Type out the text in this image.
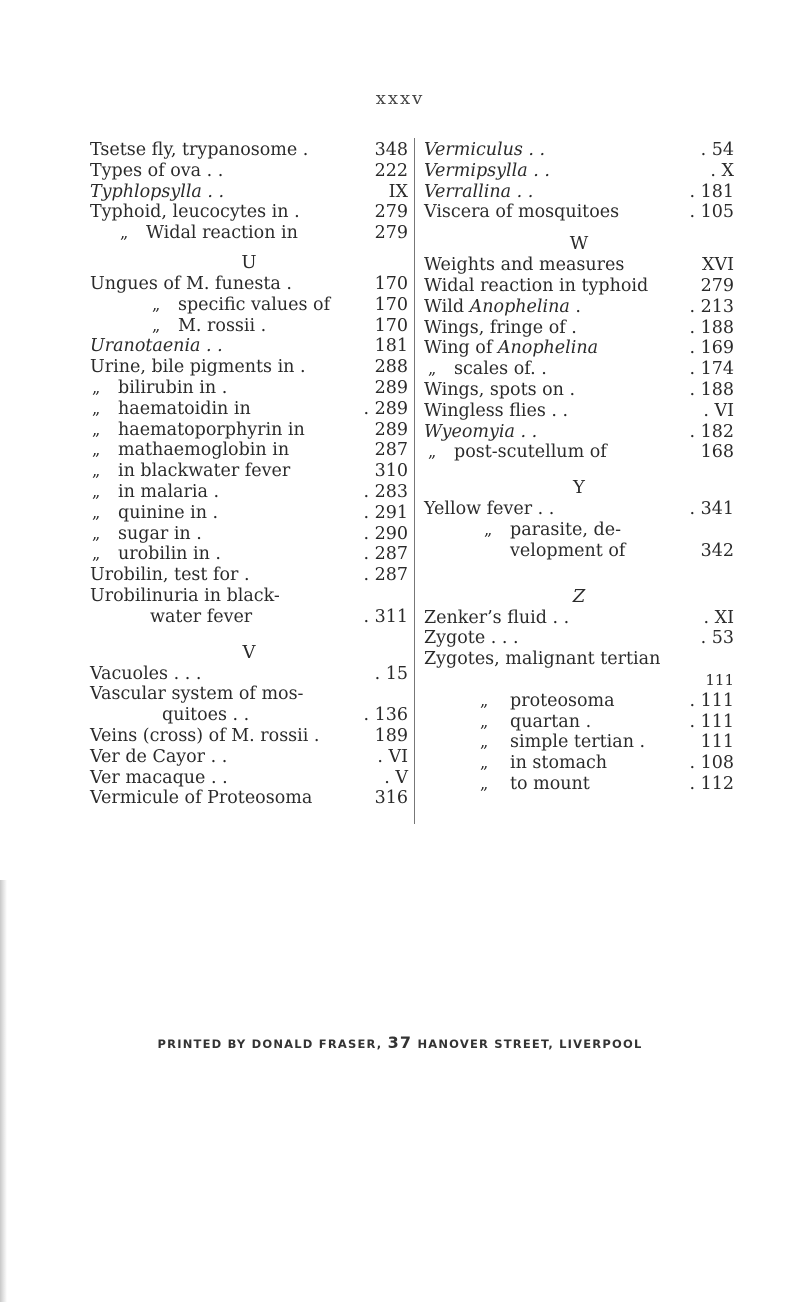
xxxv
Tsetse fly, trypanosome .	348
Types of ova . .	222
Typhlopsylla . .	IX
Typhoid, leucocytes in .	279
„ Widal reaction in	279
U
Ungues of M. funesta .	170
„ specific values of	170
„ M. rossii .	170
Uranotaenia . .	181
Urine, bile pigments in .	288
„ bilirubin in .	289
„ haematoidin in	. 289
„ haematoporphyrin in	289
„ mathaemoglobin in	287
„ in blackwater fever	310
„ in malaria .	. 283
„ quinine in .	. 291
„ sugar in .	. 290
„ urobilin in .	. 287
Urobilin, test for .	. 287
Urobilinuria in black-
water fever	. 311
V
Vacuoles . . .	. 15
Vascular system of mos-
quitoes . .	. 136
Veins (cross) of M. rossii .	189
Ver de Cayor . .	. VI
Ver macaque . .	. V
Vermicule of Proteosoma	316
Vermiculus . .	. 54
Vermipsylla . .	. X
Verrallina . .	. 181
Viscera of mosquitoes	. 105
W
Weights and measures	XVI
Widal reaction in typhoid	279
Wild Anophelina .	. 213
Wings, fringe of .	. 188
Wing of Anophelina	. 169
„ scales of. .	. 174
Wings, spots on .	. 188
Wingless flies . .	. VI
Wyeomyia . .	. 182
„ post-scutellum of	168
Y
Yellow fever . .	. 341
„ parasite, de-
velopment of	342
Z
Zenker’s fluid . .	. XI
Zygote . . .	. 53
Zygotes, malignant tertian
111
„ proteosoma	. 111
„ quartan .	. 111
„ simple tertian .	111
„ in stomach	. 108
„ to mount	. 112
PRINTED BY DONALD FRASER, 37 HANOVER STREET, LIVERPOOL
